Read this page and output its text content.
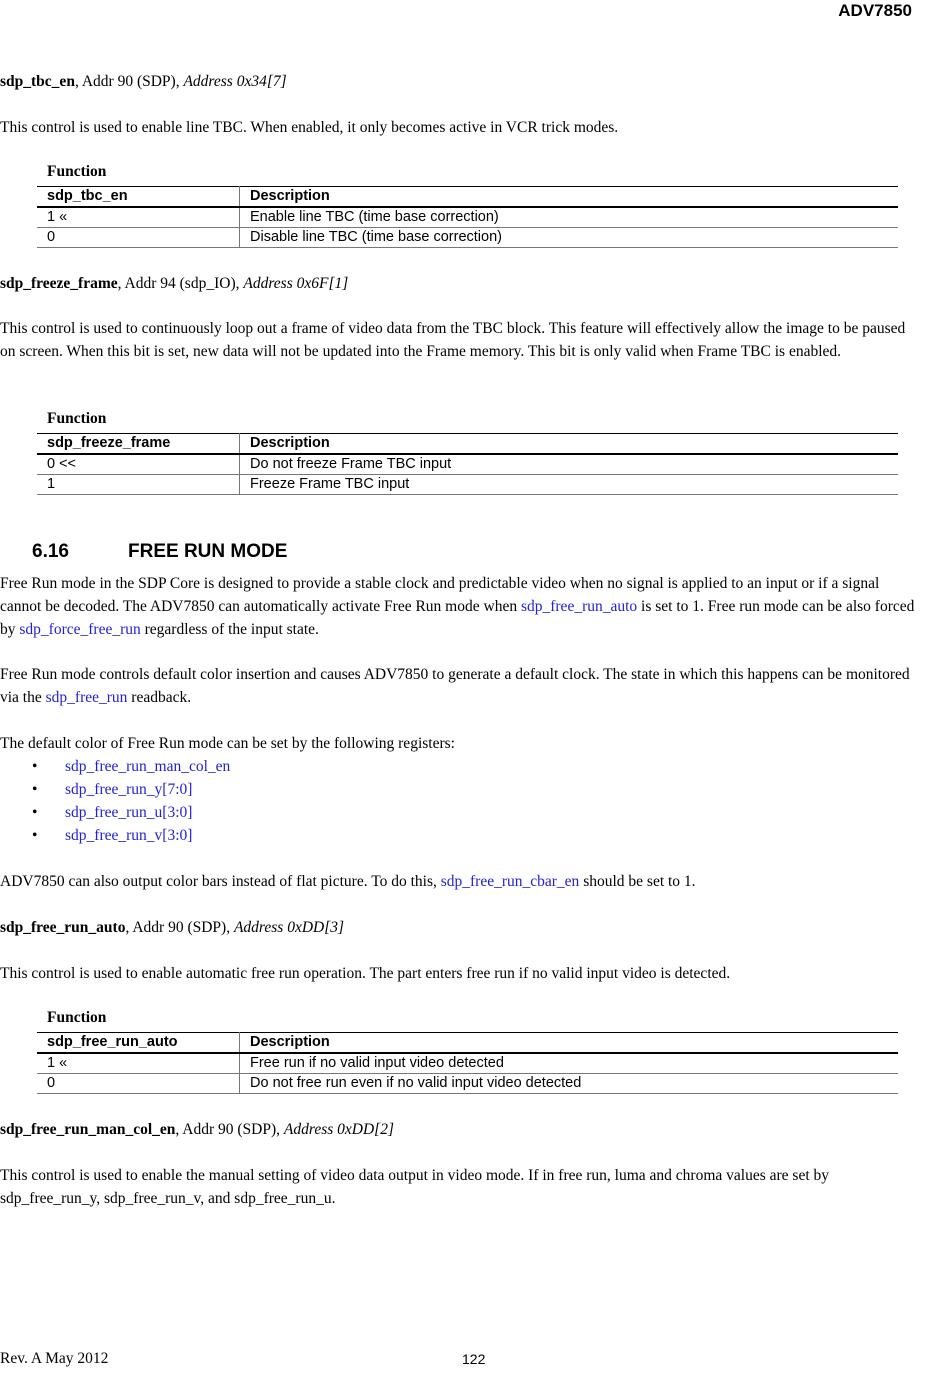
ADV7850

sdp_tbc_en, Addr 90 (SDP), Address 0x34[7]

This control is used to enable line TBC. When enabled, it only becomes active in VCR trick modes.

Function
sdp_tbc_en	Description
1 «	Enable line TBC (time base correction)
0	Disable line TBC (time base correction)

sdp_freeze_frame, Addr 94 (sdp_IO), Address 0x6F[1]

This control is used to continuously loop out a frame of video data from the TBC block. This feature will effectively allow the image to be paused on screen. When this bit is set, new data will not be updated into the Frame memory. This bit is only valid when Frame TBC is enabled.

Function
sdp_freeze_frame	Description
0 <<	Do not freeze Frame TBC input
1	Freeze Frame TBC input
6.16	FREE RUN MODE

Free Run mode in the SDP Core is designed to provide a stable clock and predictable video when no signal is applied to an input or if a signal cannot be decoded. The ADV7850 can automatically activate Free Run mode when sdp_free_run_auto is set to 1. Free run mode can be also forced by sdp_force_free_run regardless of the input state.

Free Run mode controls default color insertion and causes ADV7850 to generate a default clock. The state in which this happens can be monitored via the sdp_free_run readback.

The default color of Free Run mode can be set by the following registers:

• sdp_free_run_man_col_en
• sdp_free_run_y[7:0]
• sdp_free_run_u[3:0]
• sdp_free_run_v[3:0]

ADV7850 can also output color bars instead of flat picture. To do this, sdp_free_run_cbar_en should be set to 1.

sdp_free_run_auto, Addr 90 (SDP), Address 0xDD[3]

This control is used to enable automatic free run operation. The part enters free run if no valid input video is detected.

Function
sdp_free_run_auto	Description
1 «	Free run if no valid input video detected
0	Do not free run even if no valid input video detected

sdp_free_run_man_col_en, Addr 90 (SDP), Address 0xDD[2]

This control is used to enable the manual setting of video data output in video mode. If in free run, luma and chroma values are set by sdp_free_run_y, sdp_free_run_v, and sdp_free_run_u.

Rev. A May 2012	122
